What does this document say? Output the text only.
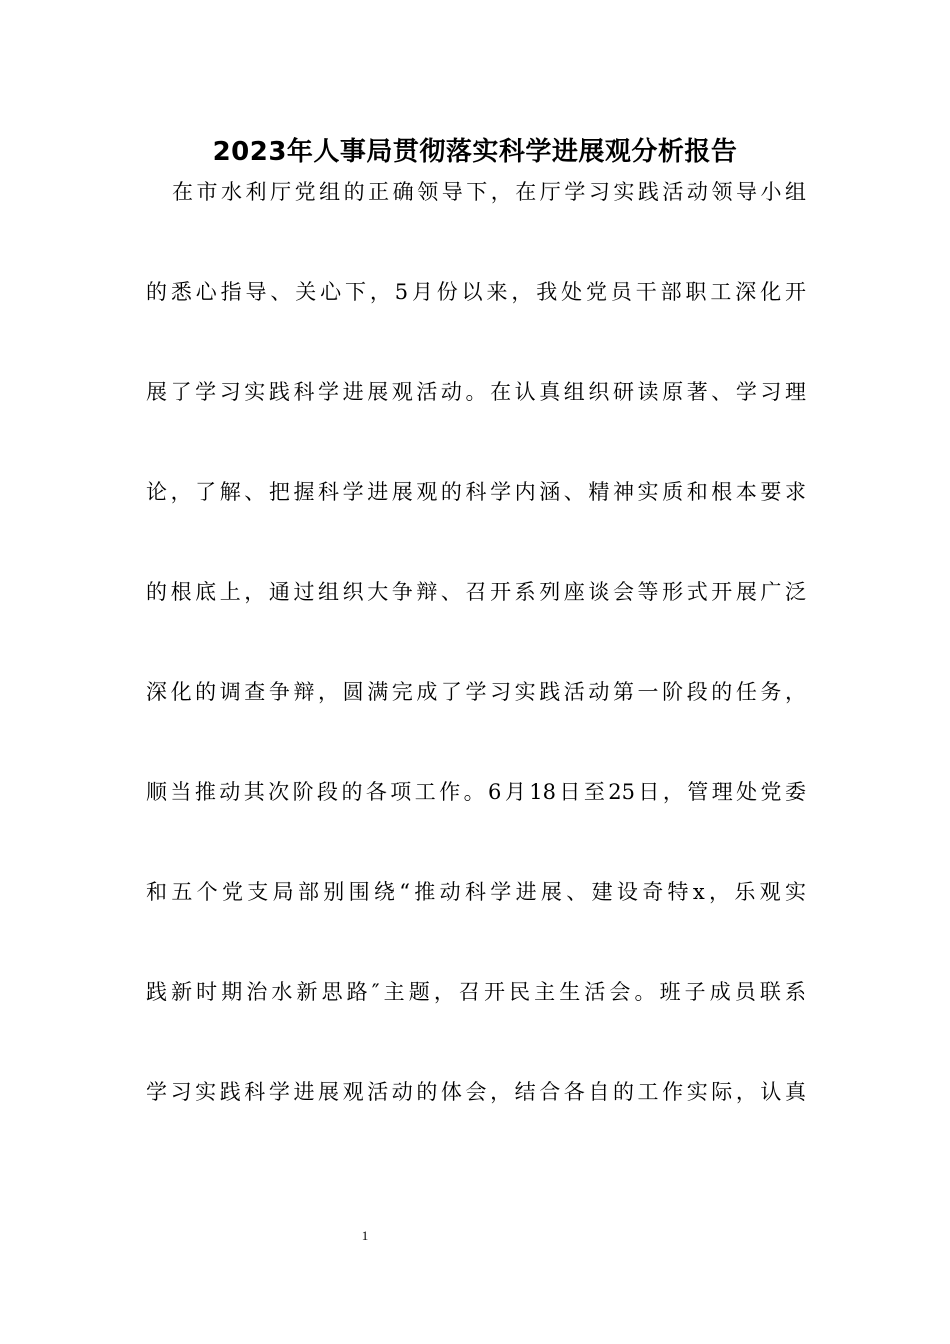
2023年人事局贯彻落实科学进展观分析报告
在市水利厅党组的正确领导下，在厅学习实践活动领导小组
的悉心指导、关心下，5月份以来，我处党员干部职工深化开
展了学习实践科学进展观活动。在认真组织研读原著、学习理
论，了解、把握科学进展观的科学内涵、精神实质和根本要求
的根底上，通过组织大争辩、召开系列座谈会等形式开展广泛
深化的调查争辩，圆满完成了学习实践活动第一阶段的任务，
顺当推动其次阶段的各项工作。6月18日至25日，管理处党委
和五个党支局部别围绕“推动科学进展、建设奇特x，乐观实
践新时期治水新思路″主题，召开民主生活会。班子成员联系
学习实践科学进展观活动的体会，结合各自的工作实际，认真
1
